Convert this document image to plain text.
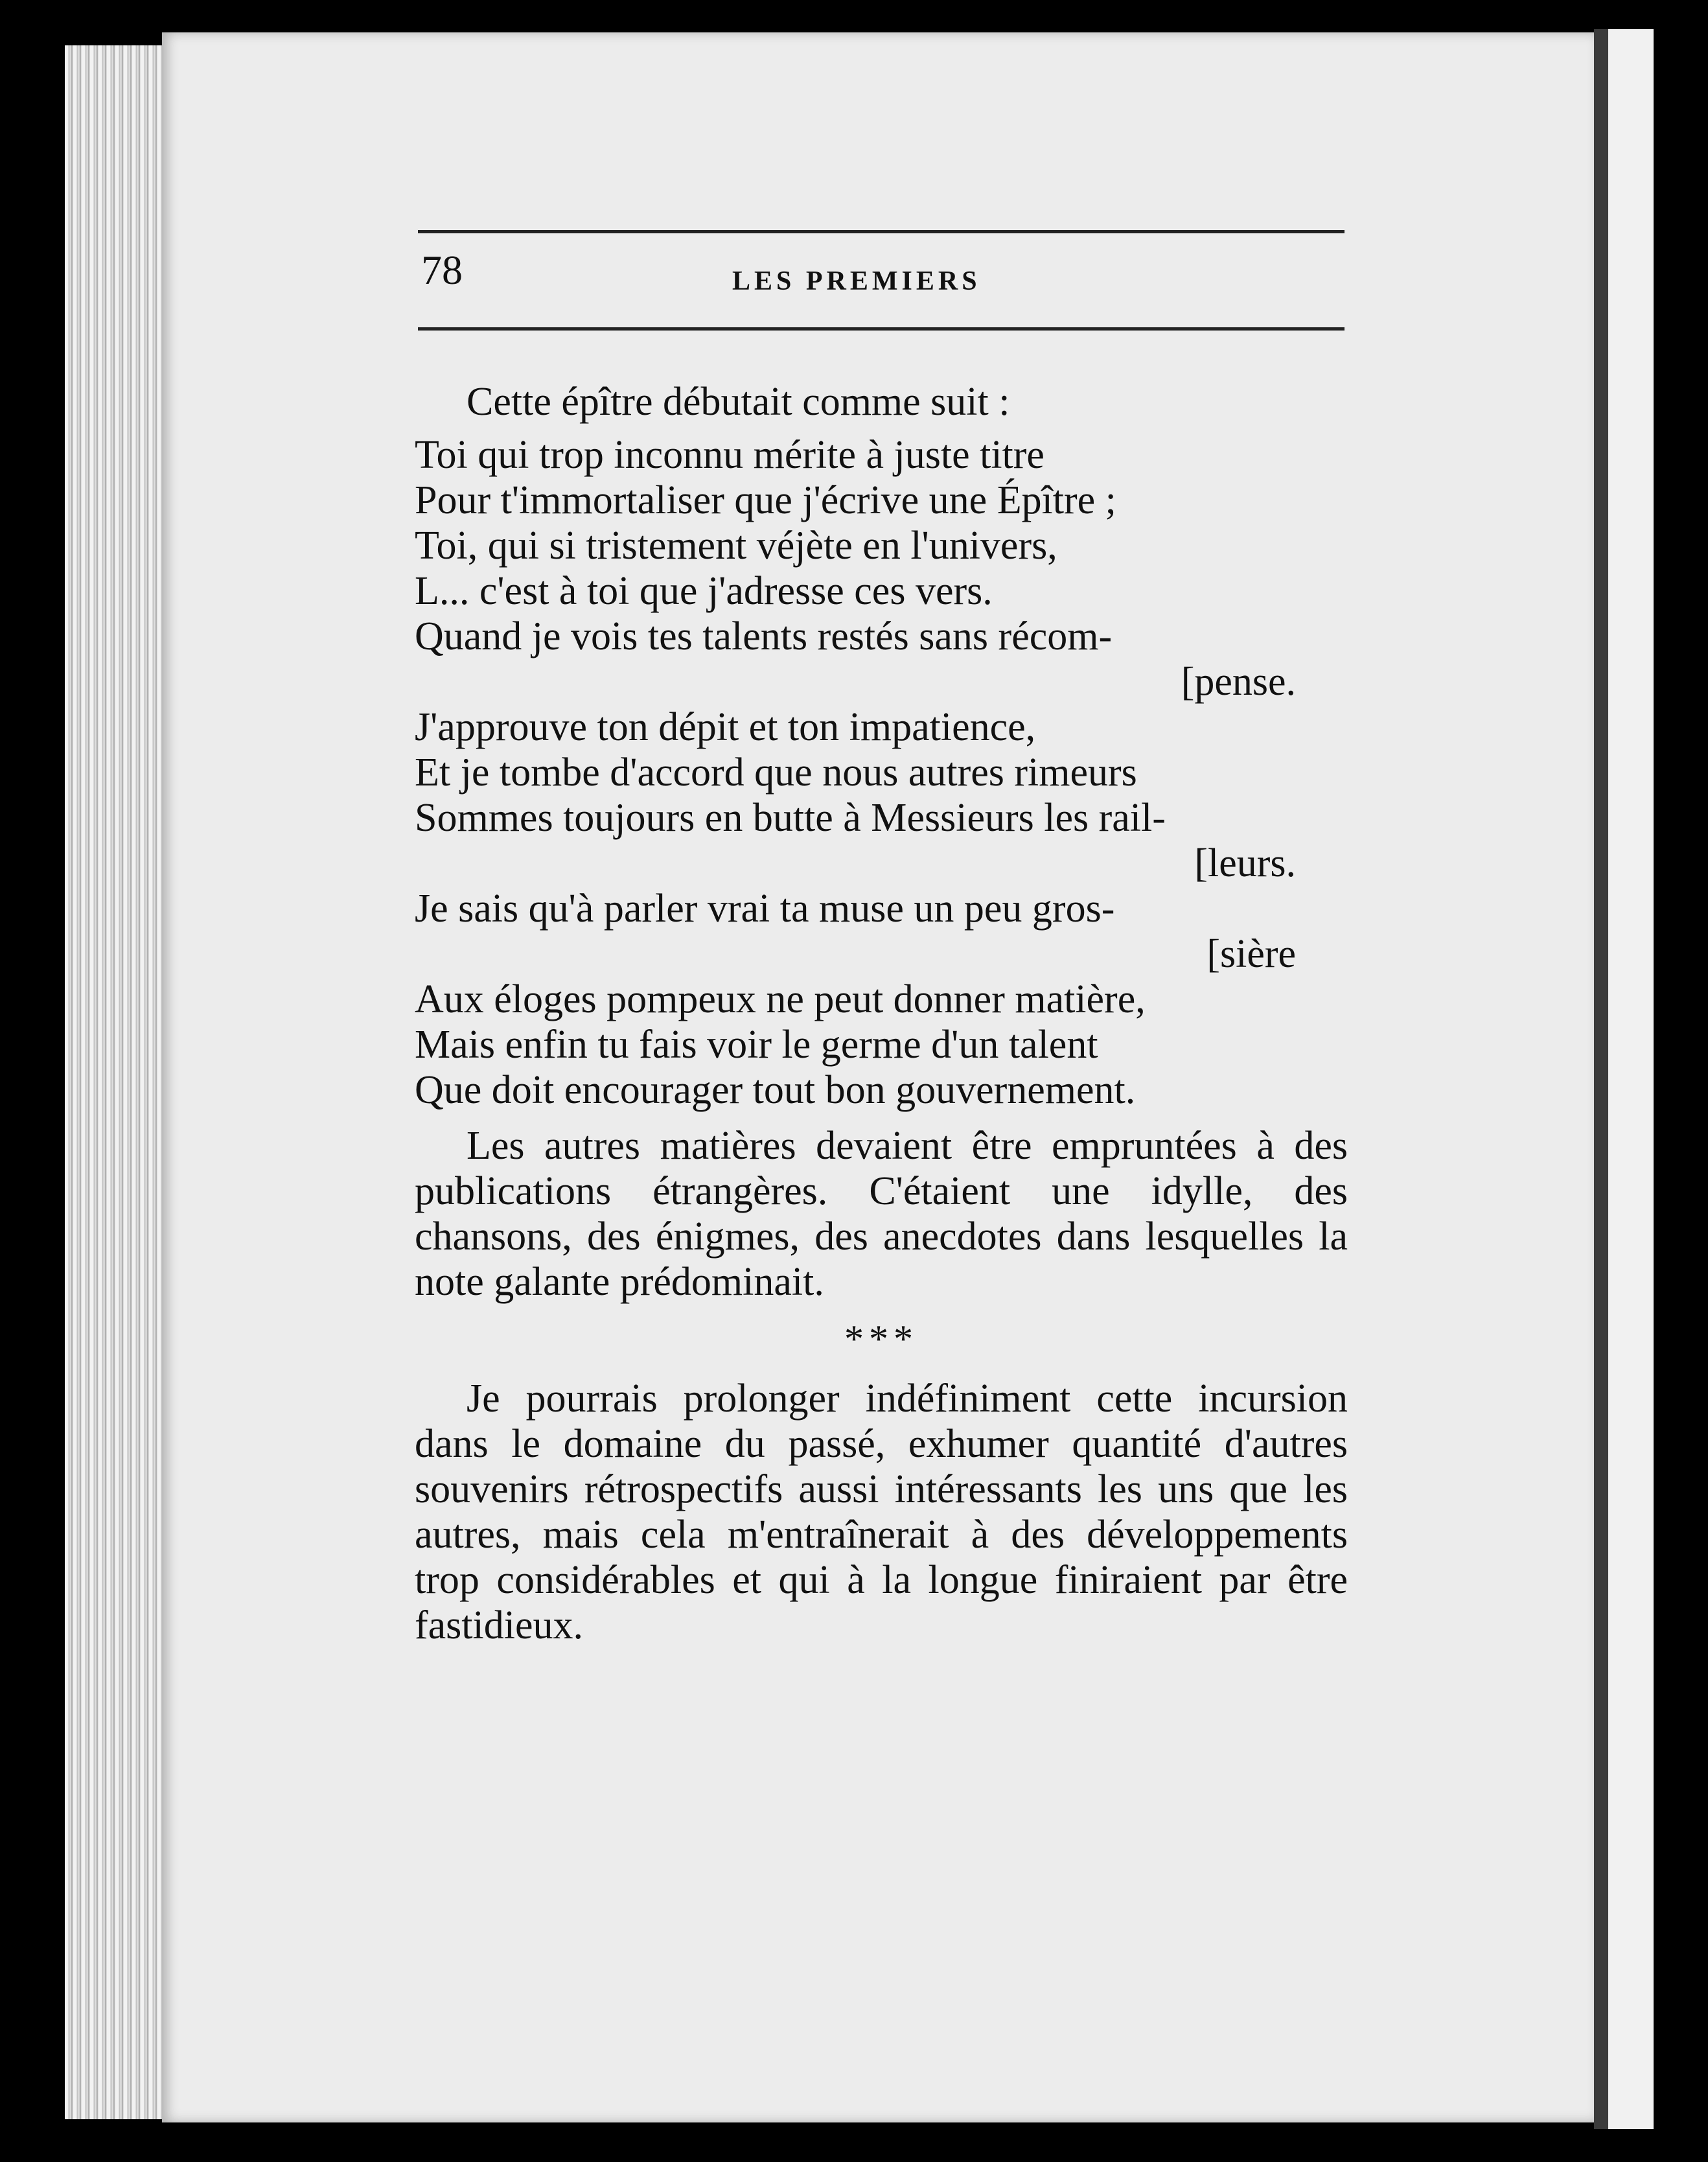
78	LES PREMIERS
Cette épître débutait comme suit :
Toi qui trop inconnu mérite à juste titre
Pour t'immortaliser que j'écrive une Épître ;
Toi, qui si tristement véjète en l'univers,
L... c'est à toi que j'adresse ces vers.
Quand je vois tes talents restés sans récom-
[pense.
J'approuve ton dépit et ton impatience,
Et je tombe d'accord que nous autres rimeurs
Sommes toujours en butte à Messieurs les rail-
[leurs.
Je sais qu'à parler vrai ta muse un peu gros-
[sière
Aux éloges pompeux ne peut donner matière,
Mais enfin tu fais voir le germe d'un talent
Que doit encourager tout bon gouvernement.

Les autres matières devaient être empruntées à des publications étrangères. C'étaient une idylle, des chansons, des énigmes, des anecdotes dans lesquelles la note galante prédominait.

***

Je pourrais prolonger indéfiniment cette incursion dans le domaine du passé, exhumer quantité d'autres souvenirs rétrospectifs aussi intéressants les uns que les autres, mais cela m'entraînerait à des développements trop considérables et qui à la longue finiraient par être fastidieux.
